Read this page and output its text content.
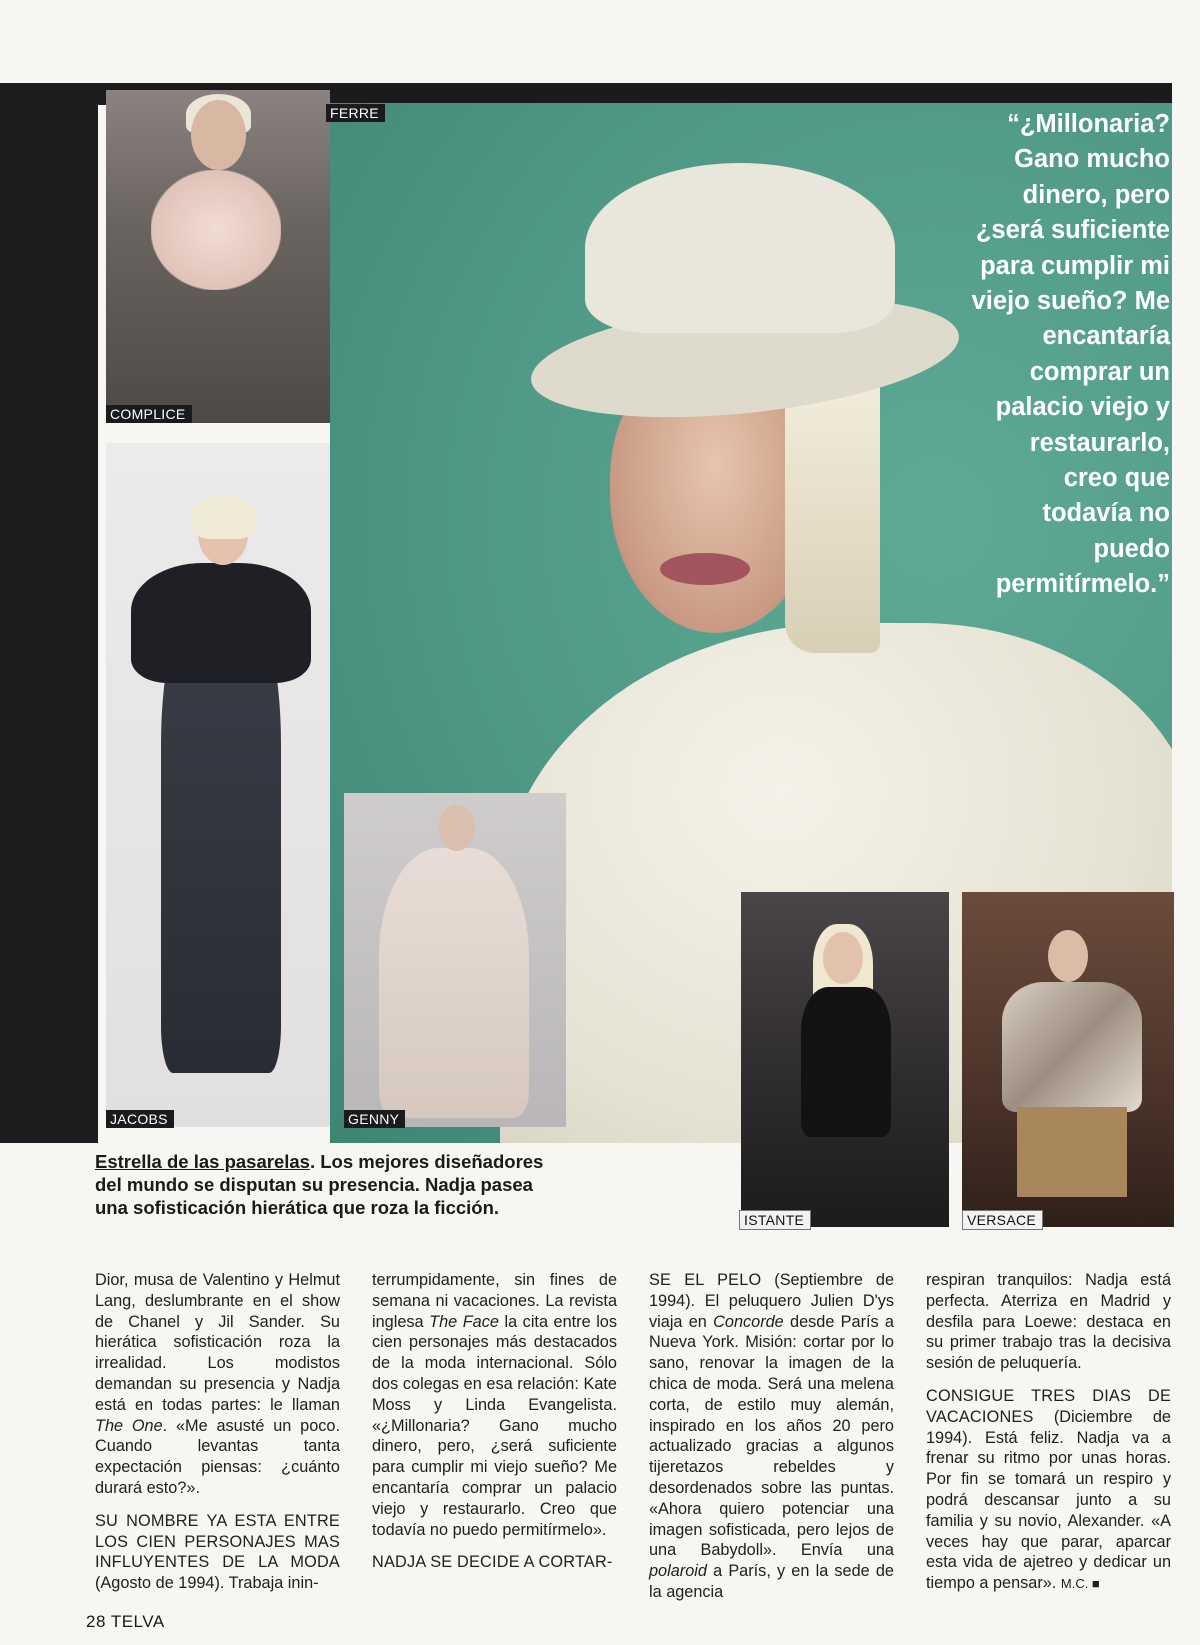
“¿Millonaria?
Gano mucho
dinero, pero
¿será suficiente
para cumplir mi
viejo sueño? Me
encantaría
comprar un
palacio viejo y
restaurarlo,
creo que
todavía no
puedo
permitírmelo.”
FERRE
COMPLICE
JACOBS	GENNY
ISTANTE	VERSACE
Estrella de las pasarelas. Los mejores diseñadores del mundo se disputan su presencia. Nadja pasea una sofisticación hierática que roza la ficción.

Dior, musa de Valentino y Helmut Lang, deslumbrante en el show de Chanel y Jil Sander. Su hierática sofisticación roza la irrealidad. Los modistos demandan su presencia y Nadja está en todas partes: le llaman The One. «Me asusté un poco. Cuando levantas tanta expectación piensas: ¿cuánto durará esto?».

SU NOMBRE YA ESTA ENTRE LOS CIEN PERSONAJES MAS INFLUYENTES DE LA MODA (Agosto de 1994). Trabaja inin-

terrumpidamente, sin fines de semana ni vacaciones. La revista inglesa The Face la cita entre los cien personajes más destacados de la moda internacional. Sólo dos colegas en esa relación: Kate Moss y Linda Evangelista. «¿Millonaria? Gano mucho dinero, pero, ¿será suficiente para cumplir mi viejo sueño? Me encantaría comprar un palacio viejo y restaurarlo. Creo que todavía no puedo permitírmelo».

NADJA SE DECIDE A CORTAR-

SE EL PELO (Septiembre de 1994). El peluquero Julien D'ys viaja en Concorde desde París a Nueva York. Misión: cortar por lo sano, renovar la imagen de la chica de moda. Será una melena corta, de estilo muy alemán, inspirado en los años 20 pero actualizado gracias a algunos tijeretazos rebeldes y desordenados sobre las puntas. «Ahora quiero potenciar una imagen sofisticada, pero lejos de una Babydoll». Envía una polaroid a París, y en la sede de la agencia

respiran tranquilos: Nadja está perfecta. Aterriza en Madrid y desfila para Loewe: destaca en su primer trabajo tras la decisiva sesión de peluquería.

CONSIGUE TRES DIAS DE VACACIONES (Diciembre de 1994). Está feliz. Nadja va a frenar su ritmo por unas horas. Por fin se tomará un respiro y podrá descansar junto a su familia y su novio, Alexander. «A veces hay que parar, aparcar esta vida de ajetreo y dedicar un tiempo a pensar». M.C. ■

28 TELVA
